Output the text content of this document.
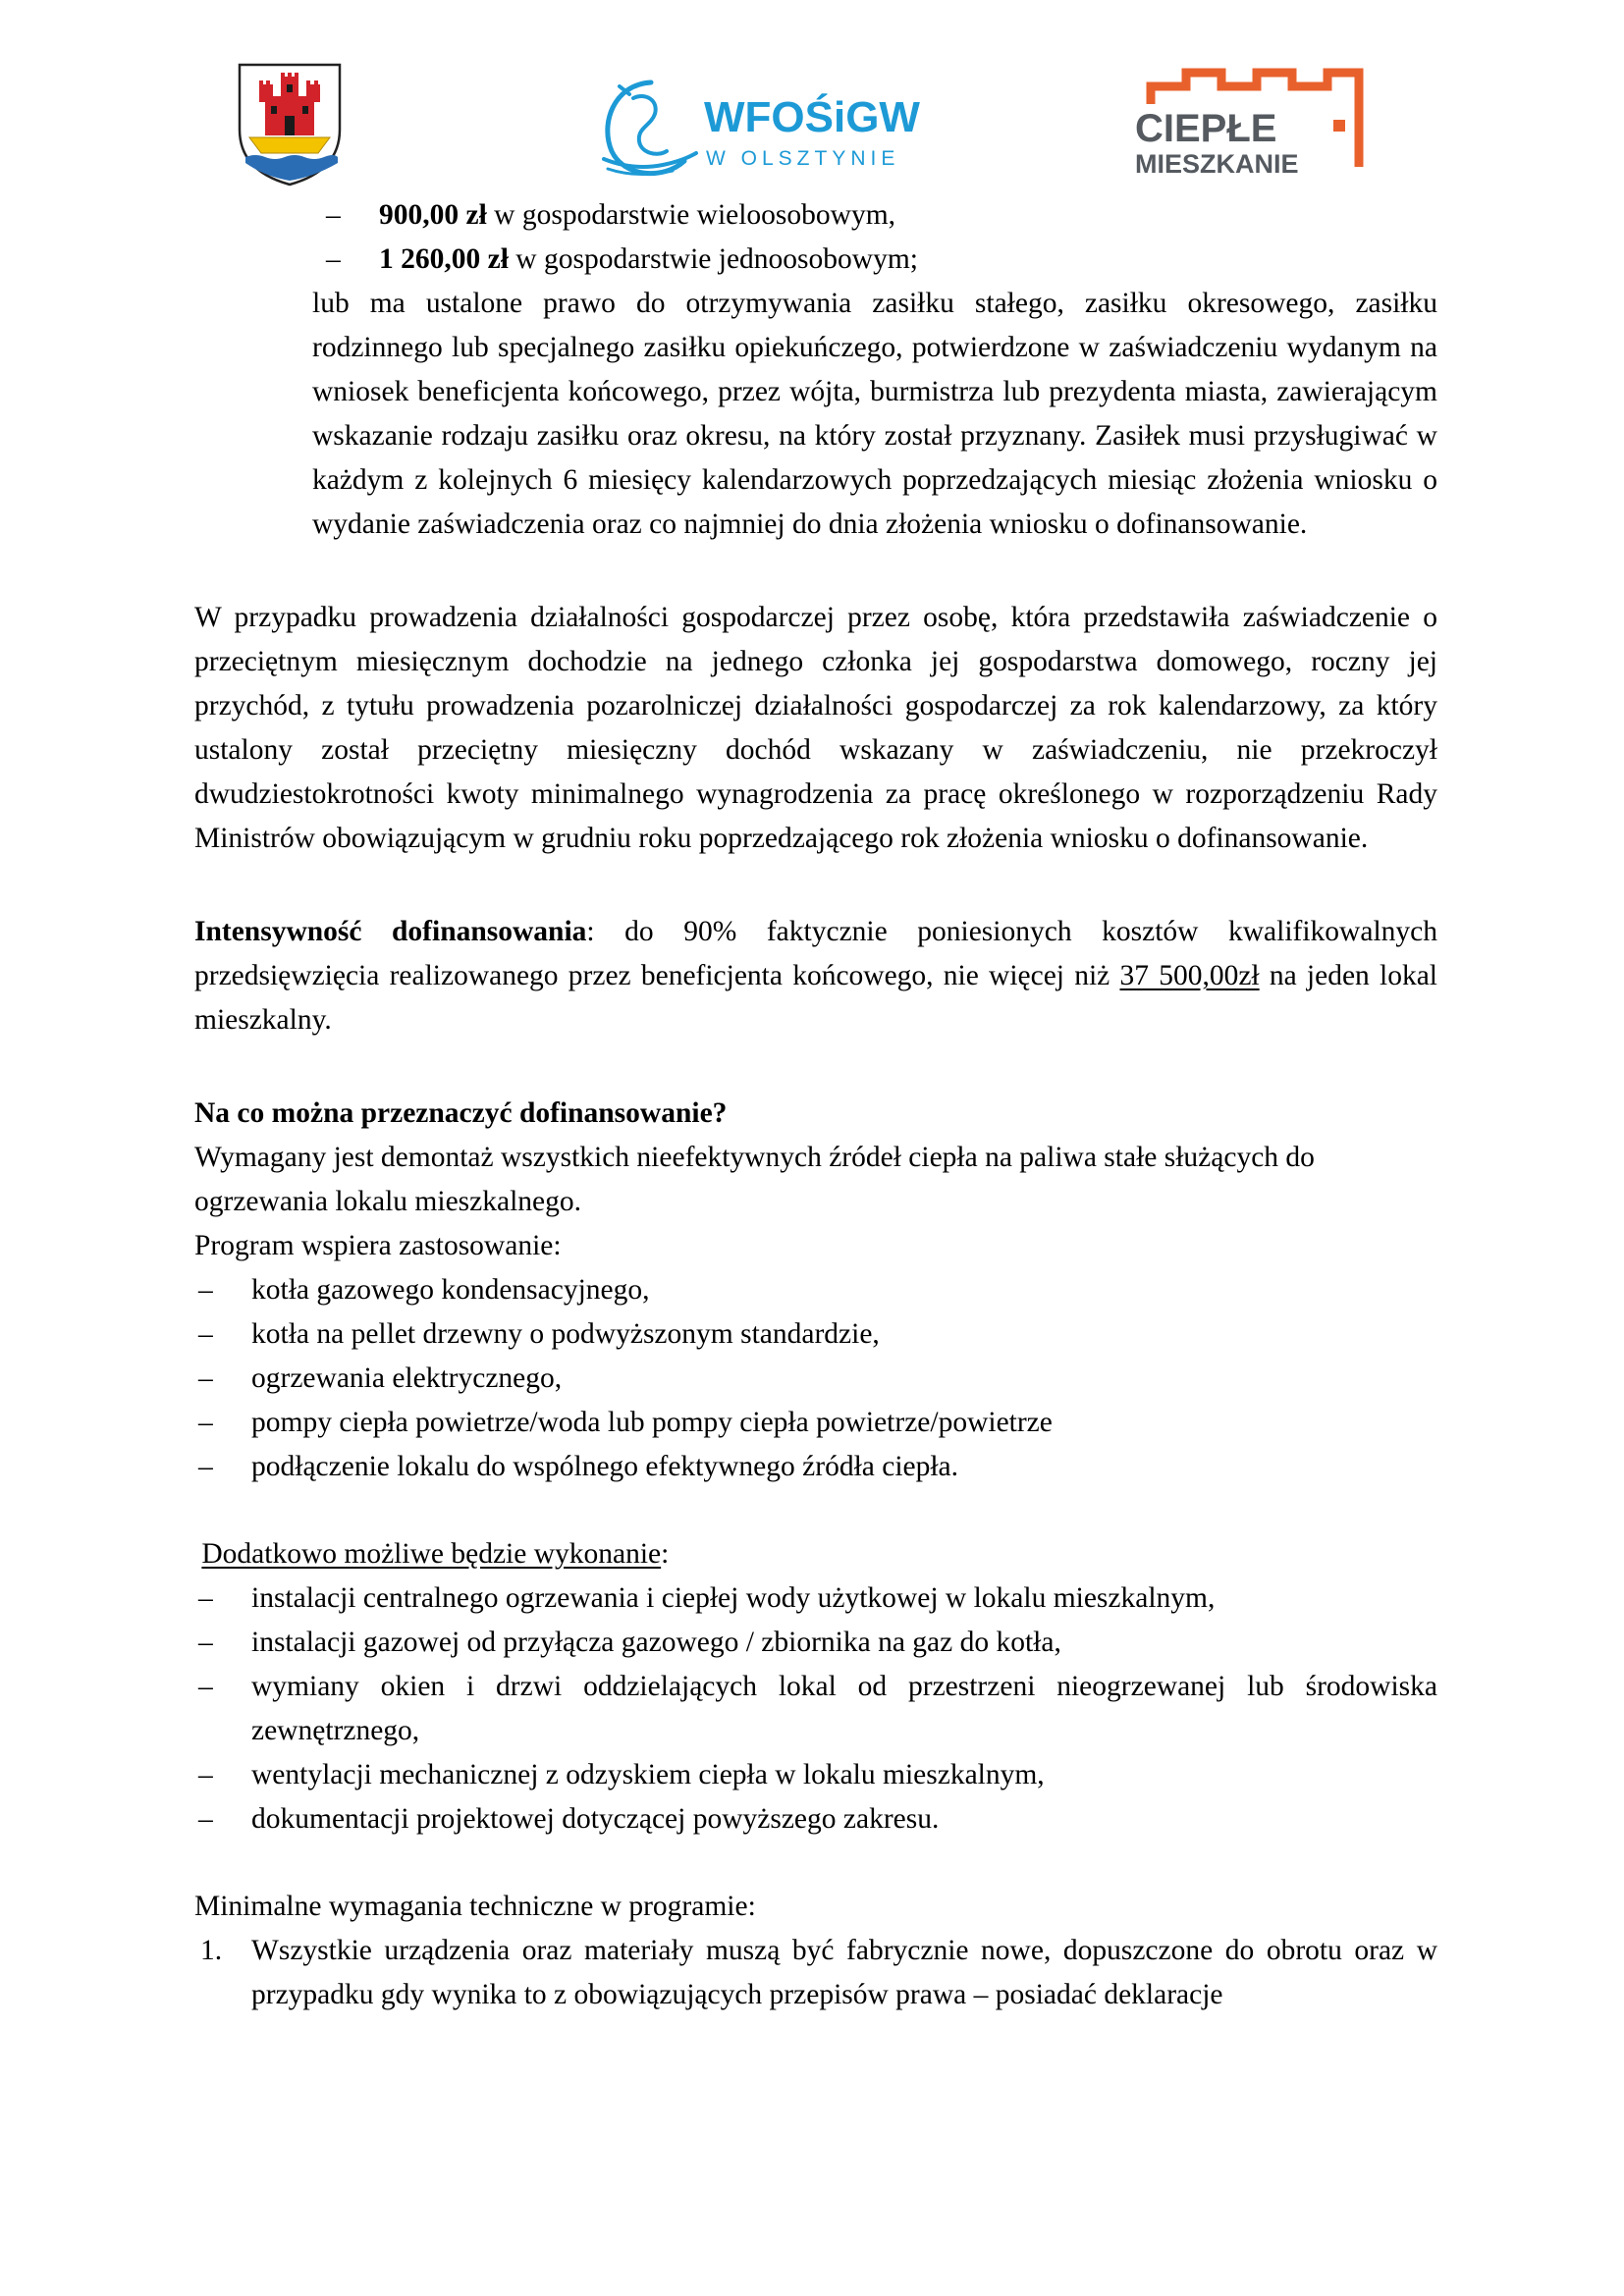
WFOŚiGW
W OLSZTYNIE
CIEPŁE
MIESZKANIE
– 900,00 zł w gospodarstwie wieloosobowym,
– 1 260,00 zł w gospodarstwie jednoosobowym;

lub ma ustalone prawo do otrzymywania zasiłku stałego, zasiłku okresowego, zasiłku rodzinnego lub specjalnego zasiłku opiekuńczego, potwierdzone w zaświadczeniu wydanym na wniosek beneficjenta końcowego, przez wójta, burmistrza lub prezydenta miasta, zawierającym wskazanie rodzaju zasiłku oraz okresu, na który został przyznany. Zasiłek musi przysługiwać w każdym z kolejnych 6 miesięcy kalendarzowych poprzedzających miesiąc złożenia wniosku o wydanie zaświadczenia oraz co najmniej do dnia złożenia wniosku o dofinansowanie.

W przypadku prowadzenia działalności gospodarczej przez osobę, która przedstawiła zaświadczenie o przeciętnym miesięcznym dochodzie na jednego członka jej gospodarstwa domowego, roczny jej przychód, z tytułu prowadzenia pozarolniczej działalności gospodarczej za rok kalendarzowy, za który ustalony został przeciętny miesięczny dochód wskazany w zaświadczeniu, nie przekroczył dwudziestokrotności kwoty minimalnego wynagrodzenia za pracę określonego w rozporządzeniu Rady Ministrów obowiązującym w grudniu roku poprzedzającego rok złożenia wniosku o dofinansowanie.

Intensywność dofinansowania: do 90% faktycznie poniesionych kosztów kwalifikowalnych przedsięwzięcia realizowanego przez beneficjenta końcowego, nie więcej niż 37 500,00zł na jeden lokal mieszkalny.

Na co można przeznaczyć dofinansowanie?

Wymagany jest demontaż wszystkich nieefektywnych źródeł ciepła na paliwa stałe służących do ogrzewania lokalu mieszkalnego.

Program wspiera zastosowanie:

– kotła gazowego kondensacyjnego,
– kotła na pellet drzewny o podwyższonym standardzie,
– ogrzewania elektrycznego,
– pompy ciepła powietrze/woda lub pompy ciepła powietrze/powietrze
– podłączenie lokalu do wspólnego efektywnego źródła ciepła.

Dodatkowo możliwe będzie wykonanie:

– instalacji centralnego ogrzewania i ciepłej wody użytkowej w lokalu mieszkalnym,
– instalacji gazowej od przyłącza gazowego / zbiornika na gaz do kotła,
– wymiany okien i drzwi oddzielających lokal od przestrzeni nieogrzewanej lub środowiska zewnętrznego,
– wentylacji mechanicznej z odzyskiem ciepła w lokalu mieszkalnym,
– dokumentacji projektowej dotyczącej powyższego zakresu.

Minimalne wymagania techniczne w programie:

1. Wszystkie urządzenia oraz materiały muszą być fabrycznie nowe, dopuszczone do obrotu oraz w przypadku gdy wynika to z obowiązujących przepisów prawa – posiadać deklaracje
